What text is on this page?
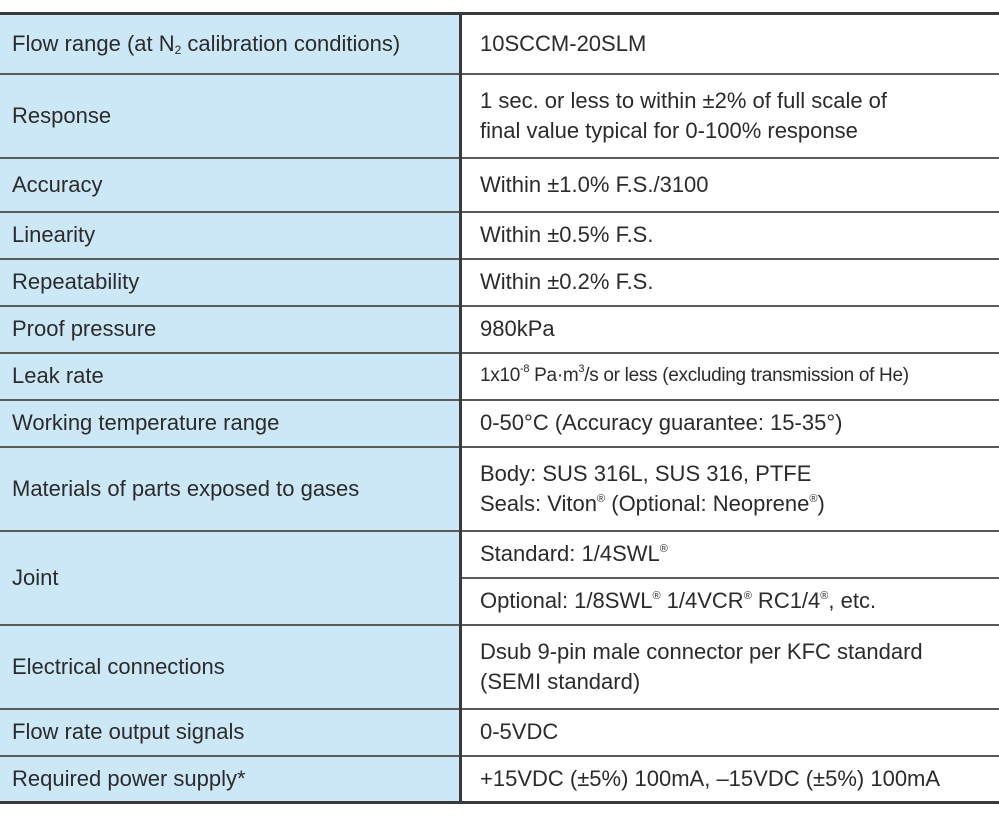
Flow range (at $N_2$ calibration conditions)	10SCCM-20SLM
Response	1 sec. or less to within ±2% of full scale of
final value typical for 0-100% response

Accuracy	Within ±1.0% F.S./3100
Linearity	Within ±0.5% F.S.
Repeatability	Within ±0.2% F.S.
Proof pressure	980kPa
Leak rate	$1x10^{-8}$ $Pa\cdot m^3/s$ or less (excluding transmission of He)
Working temperature range	0-50°C (Accuracy guarantee: 15-35°)
Materials of parts exposed to gases	Body: SUS 316L, SUS 316, PTFE
Seals: Viton® (Optional: Neoprene®)

Joint	Standard: 1/4SWL®
	Optional: 1/8SWL® 1/4VCR® RC1/4®, etc.
Electrical connections	Dsub 9-pin male connector per KFC standard
(SEMI standard)

Flow rate output signals	0-5VDC
Required power supply*	+15VDC (±5%) 100mA, –15VDC (±5%) 100mA
